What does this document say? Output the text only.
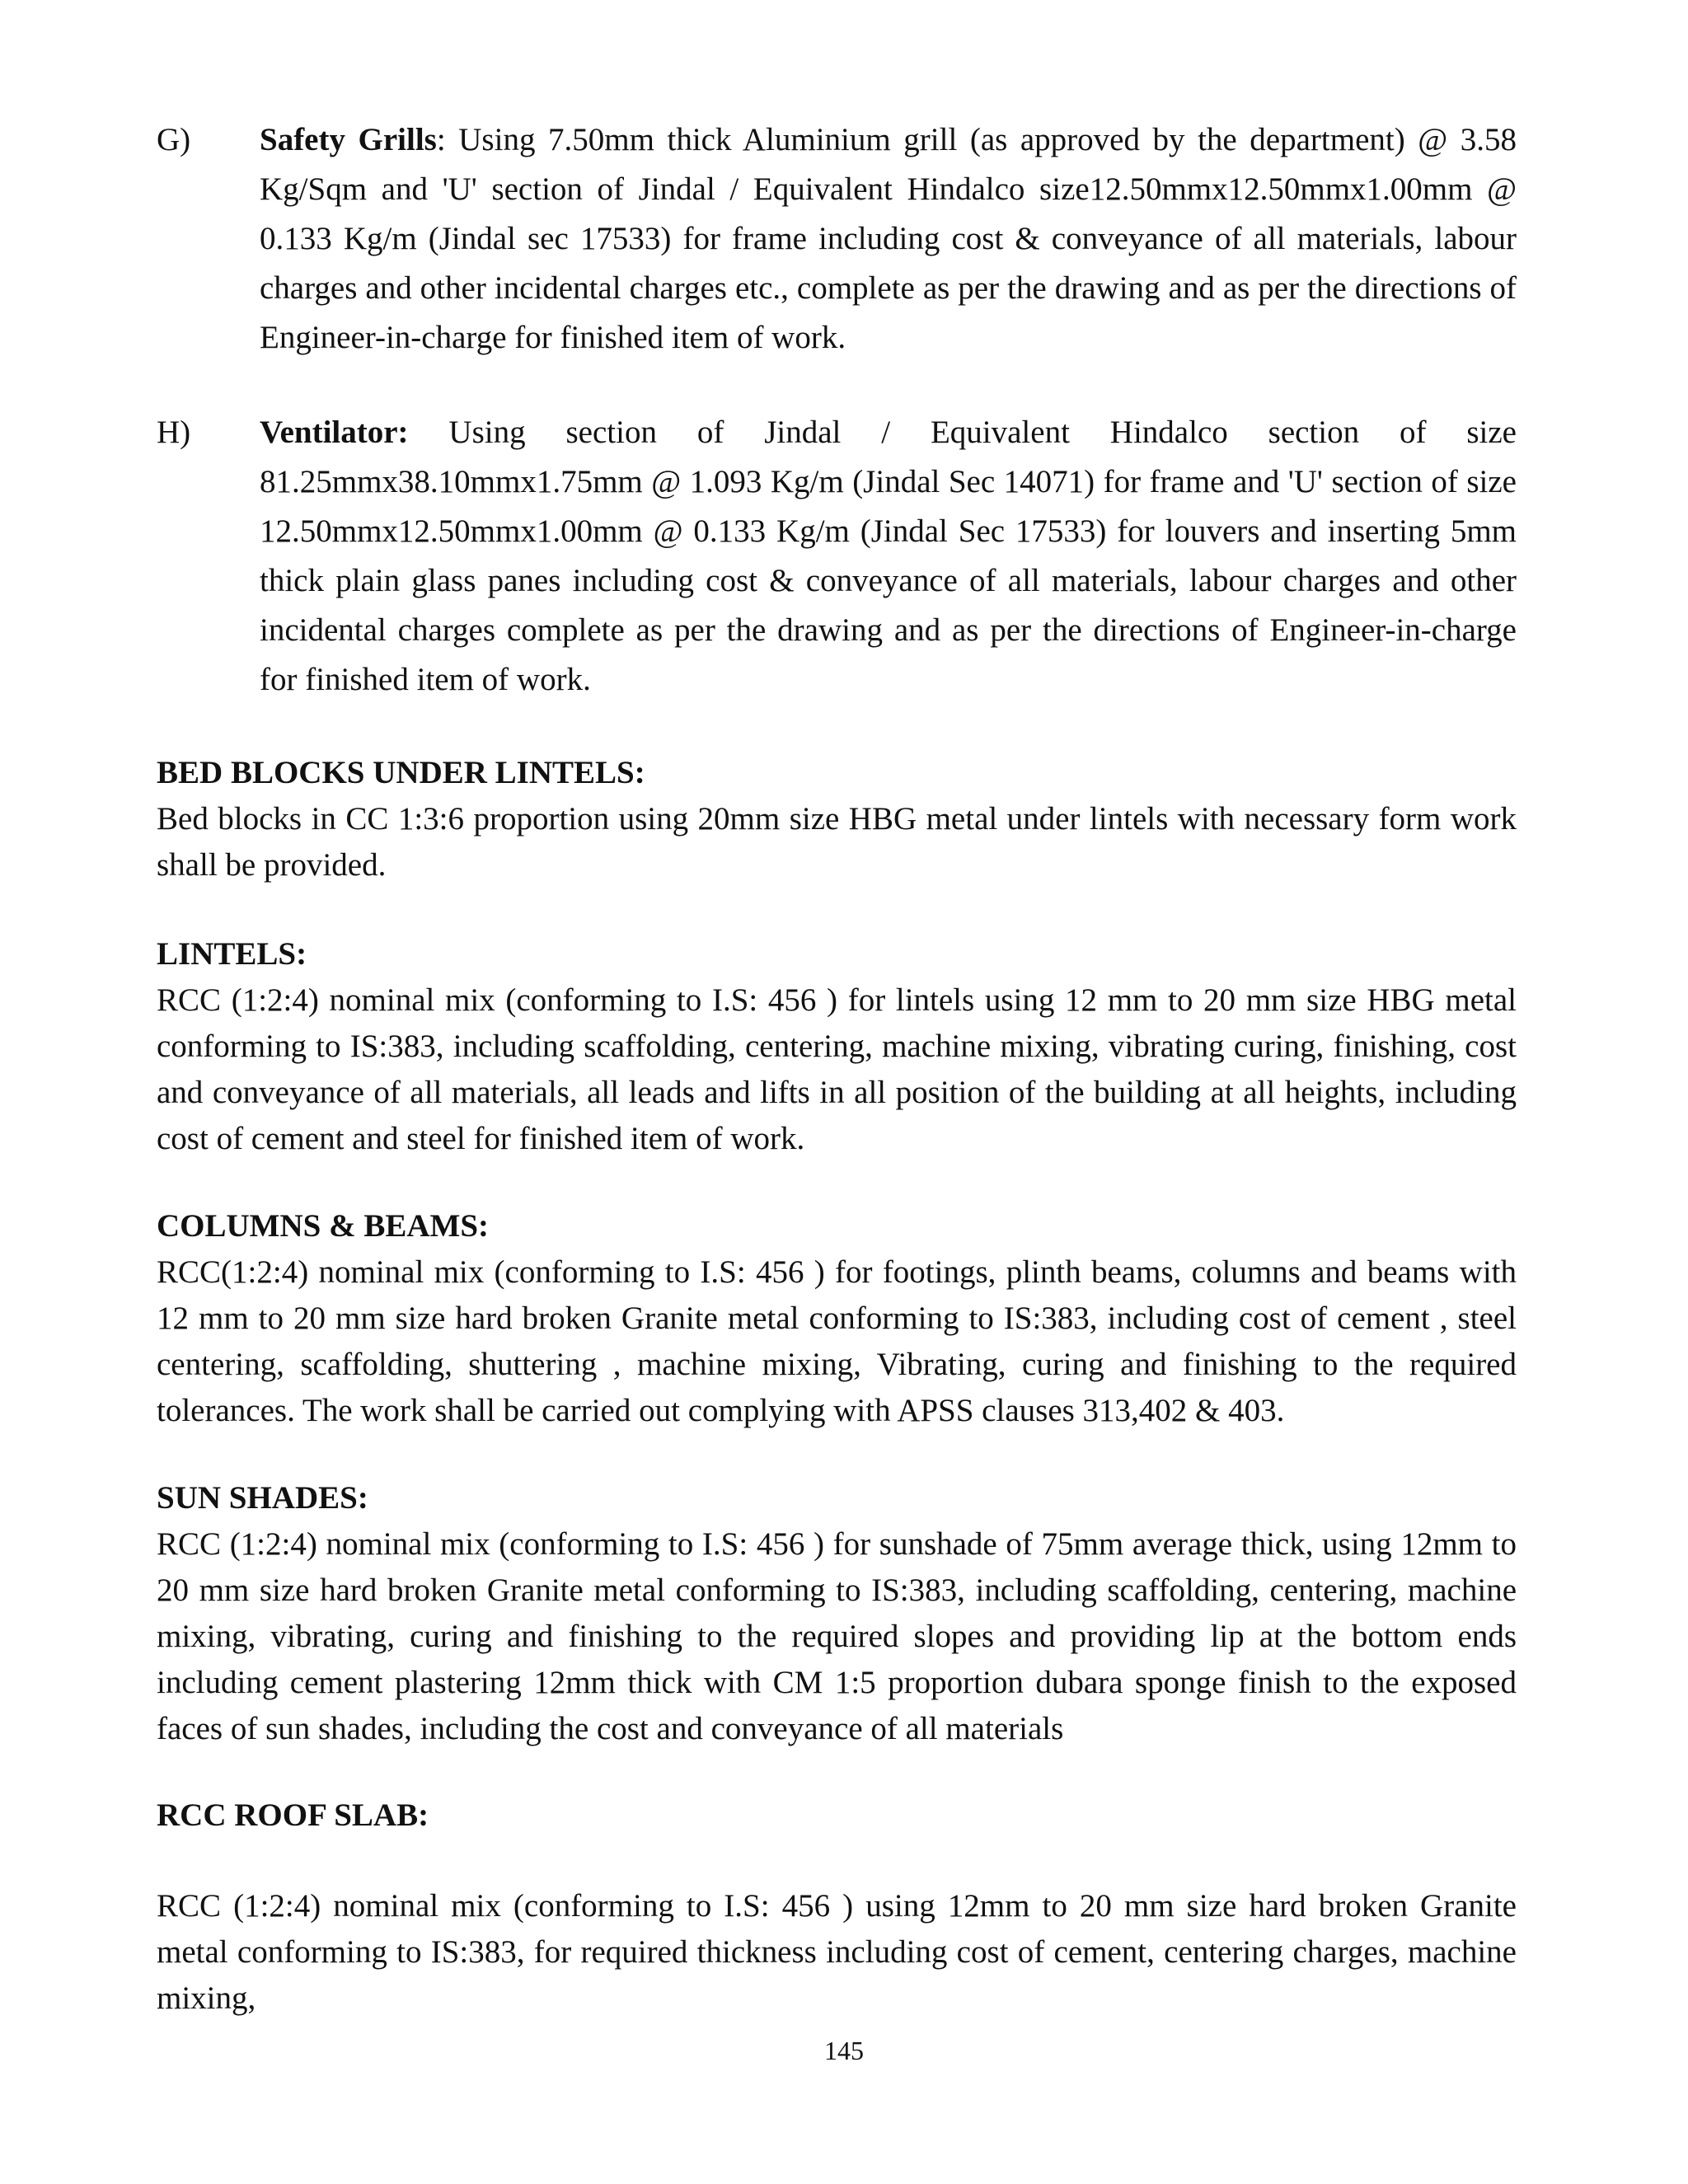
G)	Safety Grills: Using 7.50mm thick Aluminium grill (as approved by the department) @ 3.58 Kg/Sqm and 'U' section of Jindal / Equivalent Hindalco size12.50mmx12.50mmx1.00mm @ 0.133 Kg/m (Jindal sec 17533) for frame including cost & conveyance of all materials, labour charges and other incidental charges etc., complete as per the drawing and as per the directions of Engineer-in-charge for finished item of work.
H)	Ventilator: Using section of Jindal / Equivalent Hindalco section of size 81.25mmx38.10mmx1.75mm @ 1.093 Kg/m (Jindal Sec 14071) for frame and 'U' section of size 12.50mmx12.50mmx1.00mm @ 0.133 Kg/m (Jindal Sec 17533) for louvers and inserting 5mm thick plain glass panes including cost & conveyance of all materials, labour charges and other incidental charges complete as per the drawing and as per the directions of Engineer-in-charge for finished item of work.

BED BLOCKS UNDER LINTELS:

Bed blocks in CC 1:3:6 proportion using 20mm size HBG metal under lintels with necessary form work shall be provided.

LINTELS:

RCC (1:2:4) nominal mix (conforming to I.S: 456 ) for lintels using 12 mm to 20 mm size HBG metal conforming to IS:383, including scaffolding, centering, machine mixing, vibrating curing, finishing, cost and conveyance of all materials, all leads and lifts in all position of the building at all heights, including cost of cement and steel for finished item of work.

COLUMNS & BEAMS:

RCC(1:2:4) nominal mix (conforming to I.S: 456 ) for footings, plinth beams, columns and beams with 12 mm to 20 mm size hard broken Granite metal conforming to IS:383, including cost of cement , steel centering, scaffolding, shuttering , machine mixing, Vibrating, curing and finishing to the required tolerances. The work shall be carried out complying with APSS clauses 313,402 & 403.

SUN SHADES:

RCC (1:2:4) nominal mix (conforming to I.S: 456 ) for sunshade of 75mm average thick, using 12mm to 20 mm size hard broken Granite metal conforming to IS:383, including scaffolding, centering, machine mixing, vibrating, curing and finishing to the required slopes and providing lip at the bottom ends including cement plastering 12mm thick with CM 1:5 proportion dubara sponge finish to the exposed faces of sun shades, including the cost and conveyance of all materials

RCC ROOF SLAB:

RCC (1:2:4) nominal mix (conforming to I.S: 456 ) using 12mm to 20 mm size hard broken Granite metal conforming to IS:383, for required thickness including cost of cement, centering charges, machine mixing,

145
